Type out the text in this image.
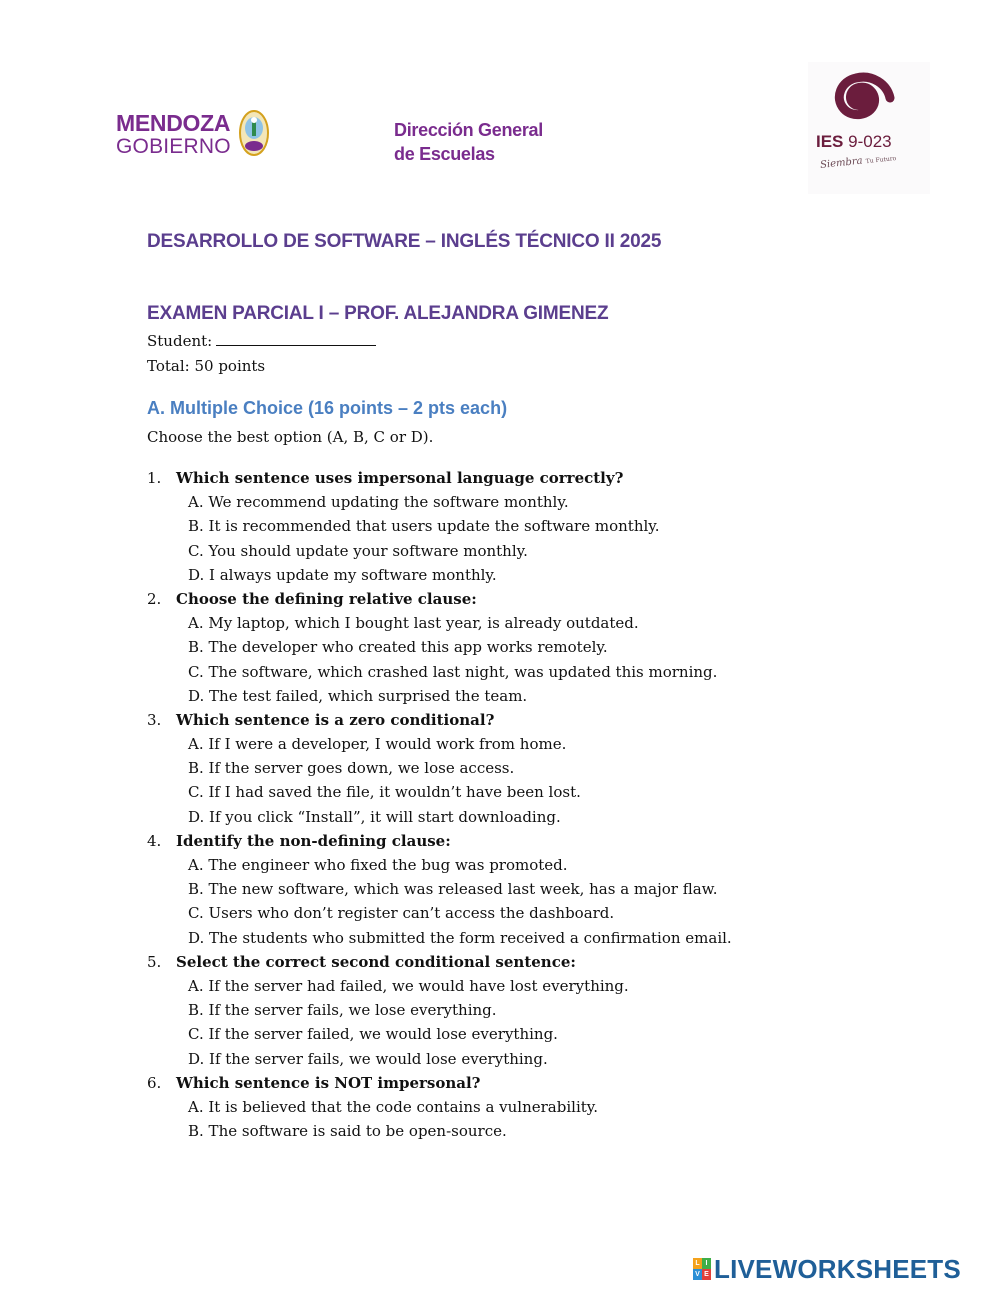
MENDOZA
GOBIERNO
Dirección General
de Escuelas
IES 9-023
Siembra Tu Futuro
DESARROLLO DE SOFTWARE – INGLÉS TÉCNICO II 2025
EXAMEN PARCIAL I – PROF. ALEJANDRA GIMENEZ
Student:
Total: 50 points
A. Multiple Choice (16 points – 2 pts each)
Choose the best option (A, B, C or D).
1. Which sentence uses impersonal language correctly?
A. We recommend updating the software monthly.
B. It is recommended that users update the software monthly.
C. You should update your software monthly.
D. I always update my software monthly.
2. Choose the defining relative clause:
A. My laptop, which I bought last year, is already outdated.
B. The developer who created this app works remotely.
C. The software, which crashed last night, was updated this morning.
D. The test failed, which surprised the team.
3. Which sentence is a zero conditional?
A. If I were a developer, I would work from home.
B. If the server goes down, we lose access.
C. If I had saved the file, it wouldn’t have been lost.
D. If you click “Install”, it will start downloading.
4. Identify the non-defining clause:
A. The engineer who fixed the bug was promoted.
B. The new software, which was released last week, has a major flaw.
C. Users who don’t register can’t access the dashboard.
D. The students who submitted the form received a confirmation email.
5. Select the correct second conditional sentence:
A. If the server had failed, we would have lost everything.
B. If the server fails, we lose everything.
C. If the server failed, we would lose everything.
D. If the server fails, we would lose everything.
6. Which sentence is NOT impersonal?
A. It is believed that the code contains a vulnerability.
B. The software is said to be open-source.
L I
V E LIVEWORKSHEETS
